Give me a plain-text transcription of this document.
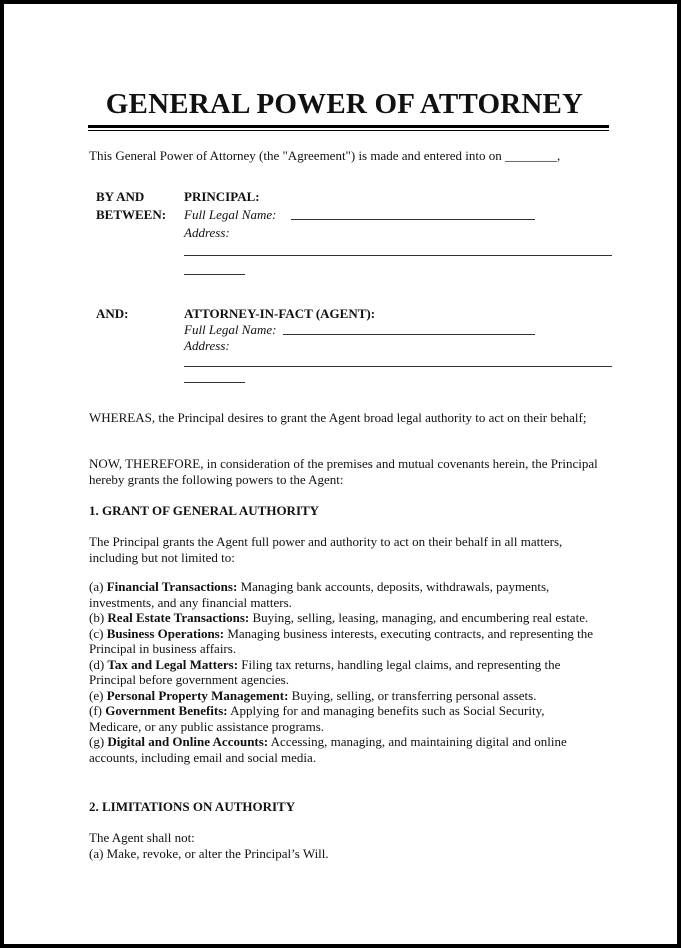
GENERAL POWER OF ATTORNEY
This General Power of Attorney (the "Agreement") is made and entered into on ________,
BY AND
BETWEEN:
PRINCIPAL:
Full Legal Name:
Address:
AND:	ATTORNEY-IN-FACT (AGENT):
Full Legal Name:
Address:

WHEREAS, the Principal desires to grant the Agent broad legal authority to act on their behalf;

NOW, THEREFORE, in consideration of the premises and mutual covenants herein, the Principal hereby grants the following powers to the Agent:

1. GRANT OF GENERAL AUTHORITY

The Principal grants the Agent full power and authority to act on their behalf in all matters, including but not limited to:

(a) Financial Transactions: Managing bank accounts, deposits, withdrawals, payments, investments, and any financial matters.

(b) Real Estate Transactions: Buying, selling, leasing, managing, and encumbering real estate.

(c) Business Operations: Managing business interests, executing contracts, and representing the Principal in business affairs.

(d) Tax and Legal Matters: Filing tax returns, handling legal claims, and representing the Principal before government agencies.

(e) Personal Property Management: Buying, selling, or transferring personal assets.

(f) Government Benefits: Applying for and managing benefits such as Social Security, Medicare, or any public assistance programs.

(g) Digital and Online Accounts: Accessing, managing, and maintaining digital and online accounts, including email and social media.

2. LIMITATIONS ON AUTHORITY
The Agent shall not:
(a) Make, revoke, or alter the Principal’s Will.
